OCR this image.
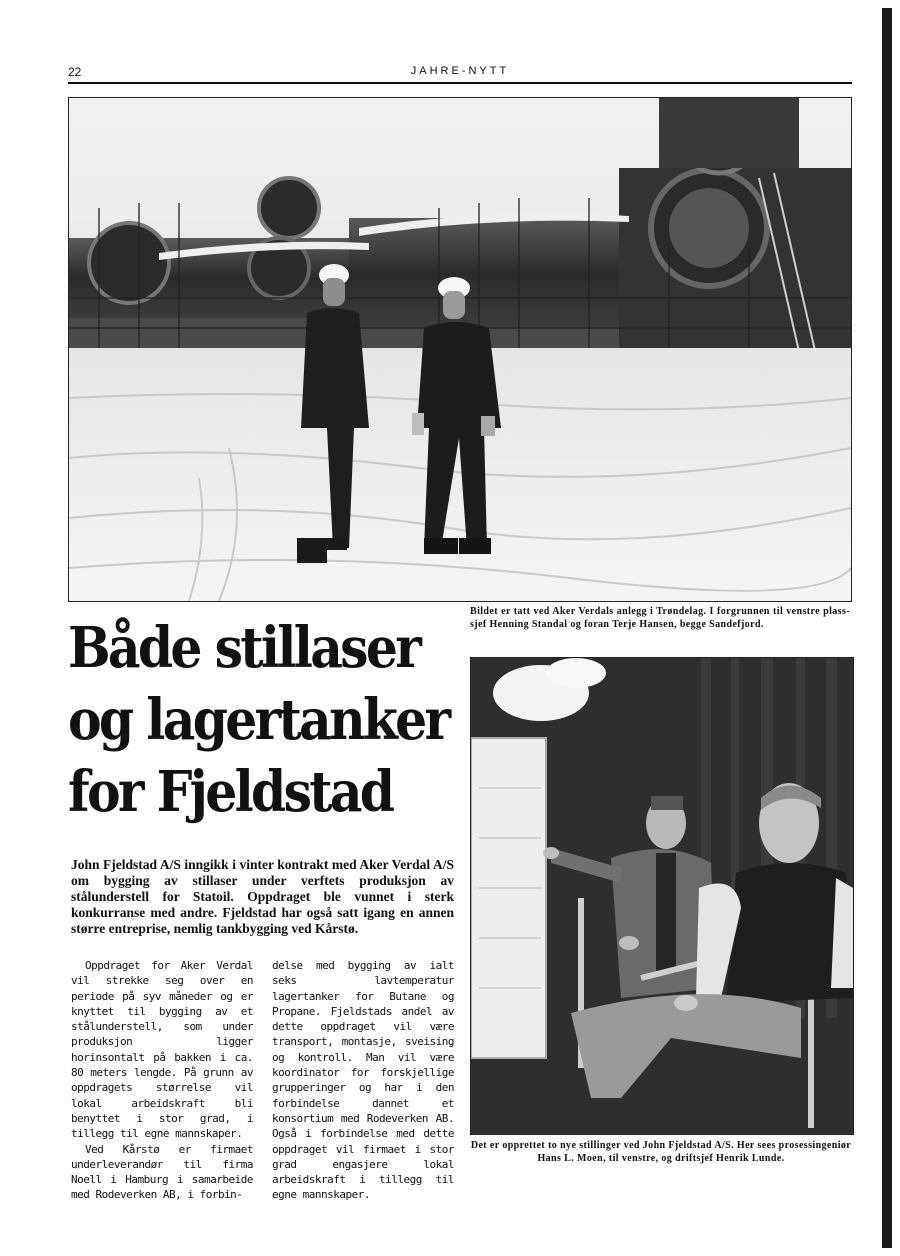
22	JAHRE-NYTT
Bildet er tatt ved Aker Verdals anlegg i Trøndelag. I forgrunnen til venstre plass-sjef Henning Standal og foran Terje Hansen, begge Sandefjord.
Både stillaser
og lagertanker
for Fjeldstad

John Fjeldstad A/S inngikk i vinter kontrakt med Aker Verdal A/S om bygging av stillaser under verftets produksjon av stålunderstell for Statoil. Oppdraget ble vunnet i sterk konkurranse med andre. Fjeldstad har også satt igang en annen større entreprise, nemlig tankbygging ved Kårstø.

Oppdraget for Aker Verdal vil strekke seg over en periode på syv måneder og er knyttet til bygging av et stålunderstell, som under produksjon ligger horinsontalt på bakken i ca. 80 meters lengde. På grunn av oppdragets størrelse vil lokal arbeidskraft bli benyttet i stor grad, i tillegg til egne mannskaper.

Ved Kårstø er firmaet underleverandør til firma Noell i Hamburg i samarbeide med Rodeverken AB, i forbin-

delse med bygging av ialt seks lavtemperatur lagertanker for Butane og Propane. Fjeldstads andel av dette oppdraget vil være transport, montasje, sveising og kontroll. Man vil være koordinator for forskjellige grupperinger og har i den forbindelse dannet et konsortium med Rodeverken AB. Også i forbindelse med dette oppdraget vil firmaet i stor grad engasjere lokal arbeidskraft i tillegg til egne mannskaper.

Det er opprettet to nye stillinger ved John Fjeldstad A/S. Her sees prosessingeniør Hans L. Moen, til venstre, og driftsjef Henrik Lunde.
